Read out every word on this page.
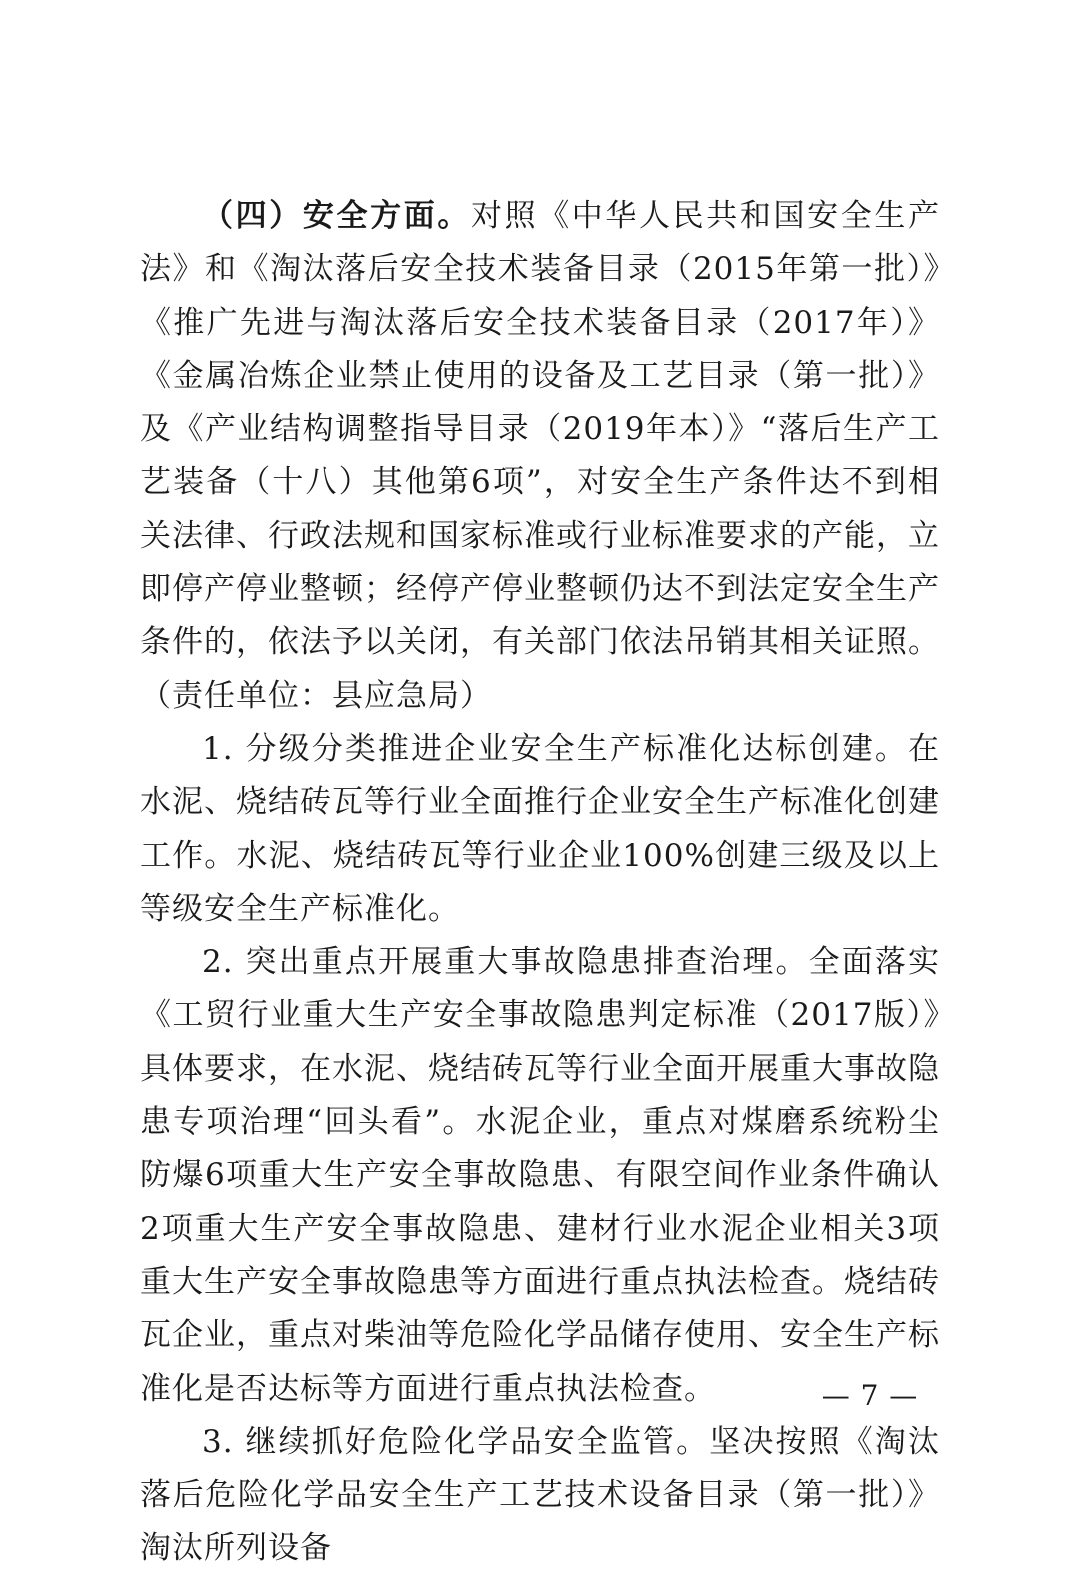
（四）安全方面。对照《中华人民共和国安全生产法》和《淘汰落后安全技术装备目录（2015年第一批）》《推广先进与淘汰落后安全技术装备目录（2017年）》《金属冶炼企业禁止使用的设备及工艺目录（第一批）》及《产业结构调整指导目录（2019年本）》“落后生产工艺装备（十八）其他第6项”，对安全生产条件达不到相关法律、行政法规和国家标准或行业标准要求的产能，立即停产停业整顿；经停产停业整顿仍达不到法定安全生产条件的，依法予以关闭，有关部门依法吊销其相关证照。（责任单位：县应急局）

1. 分级分类推进企业安全生产标准化达标创建。在水泥、烧结砖瓦等行业全面推行企业安全生产标准化创建工作。水泥、烧结砖瓦等行业企业100%创建三级及以上等级安全生产标准化。

2. 突出重点开展重大事故隐患排查治理。全面落实《工贸行业重大生产安全事故隐患判定标准（2017版）》具体要求，在水泥、烧结砖瓦等行业全面开展重大事故隐患专项治理“回头看”。水泥企业，重点对煤磨系统粉尘防爆6项重大生产安全事故隐患、有限空间作业条件确认2项重大生产安全事故隐患、建材行业水泥企业相关3项重大生产安全事故隐患等方面进行重点执法检查。烧结砖瓦企业，重点对柴油等危险化学品储存使用、安全生产标准化是否达标等方面进行重点执法检查。

3. 继续抓好危险化学品安全监管。坚决按照《淘汰落后危险化学品安全生产工艺技术设备目录（第一批）》淘汰所列设备

— 7 —
